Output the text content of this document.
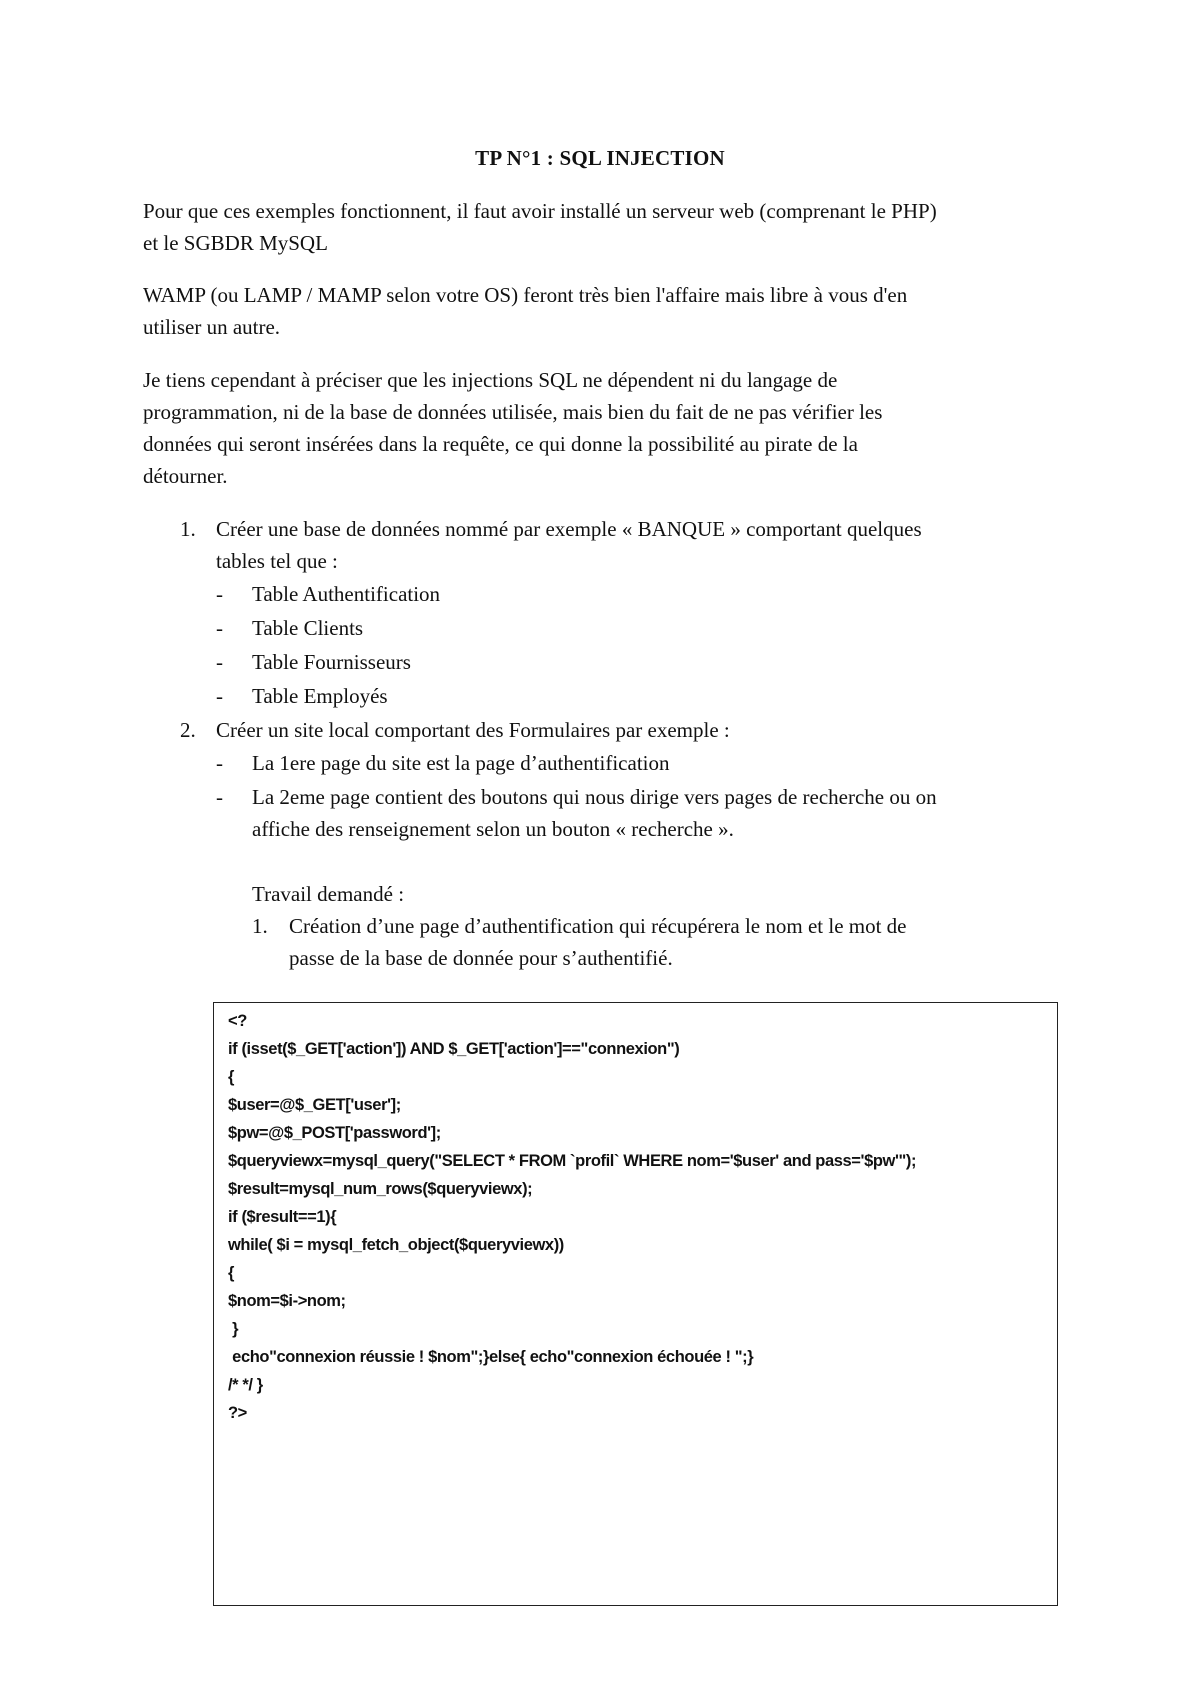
TP N°1 : SQL INJECTION
Pour que ces exemples fonctionnent, il faut avoir installé un serveur web (comprenant le PHP)
et le SGBDR MySQL
WAMP (ou LAMP / MAMP selon votre OS) feront très bien l'affaire mais libre à vous d'en
utiliser un autre.
Je tiens cependant à préciser que les injections SQL ne dépendent ni du langage de
programmation, ni de la base de données utilisée, mais bien du fait de ne pas vérifier les
données qui seront insérées dans la requête, ce qui donne la possibilité au pirate de la
détourner.
1. Créer une base de données nommé par exemple « BANQUE » comportant quelques
tables tel que :
- Table Authentification
- Table Clients
- Table Fournisseurs
- Table Employés
2. Créer un site local comportant des Formulaires par exemple :
- La 1ere page du site est la page d’authentification
- La 2eme page contient des boutons qui nous dirige vers pages de recherche ou on
affiche des renseignement selon un bouton « recherche ».
Travail demandé :
1. Création d’une page d’authentification qui récupérera le nom et le mot de
passe de la base de donnée pour s’authentifié.
<?
if (isset($_GET['action']) AND $_GET['action']=="connexion")
{
$user=@$_GET['user'];
$pw=@$_POST['password'];
$queryviewx=mysql_query("SELECT * FROM `profil` WHERE nom='$user' and pass='$pw'");
$result=mysql_num_rows($queryviewx);
if ($result==1){
while( $i = mysql_fetch_object($queryviewx))
{
$nom=$i->nom;
}
echo"connexion réussie ! $nom";}else{ echo"connexion échouée ! ";}
/* */ }
?>
